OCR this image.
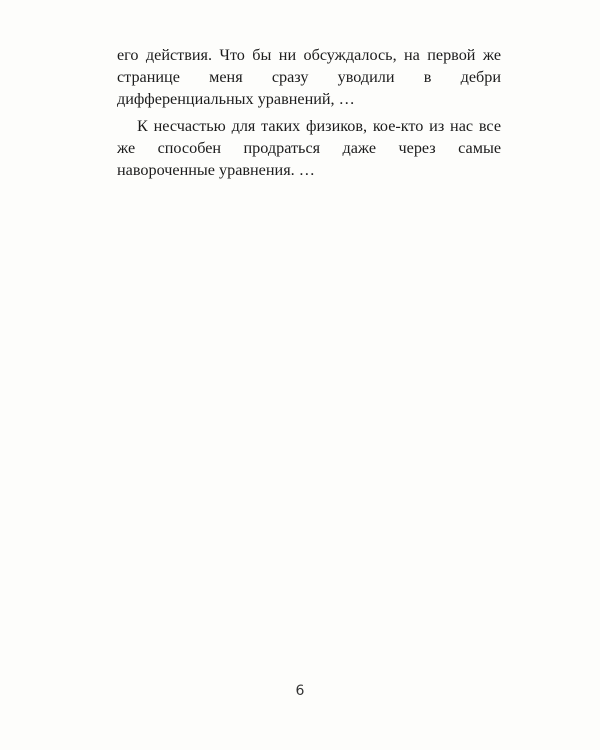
его действия. Что бы ни обсуждалось, на первой же странице меня сразу уводили в дебри дифференциальных уравнений, …

К несчастью для таких физиков, кое-кто из нас все же способен продраться даже через самые навороченные уравнения. …

6
